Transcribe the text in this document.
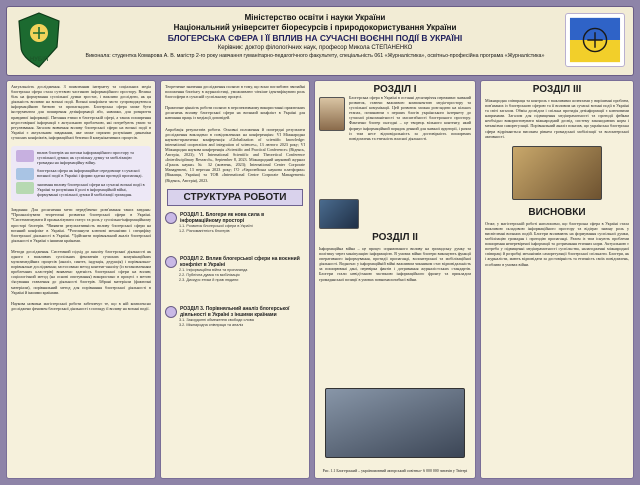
НУБІП
Міністерство освіти і науки України
Національний університет біоресурсів і природокористування України
БЛОГЕРСЬКА СФЕРА І ЇЇ ВПЛИВ НА СУЧАСНІ ВОЄННІ ПОДІЇ В УКРАЇНІ
Керівник: доктор філологічних наук, професор Микола СТЕПАНЕНКО
Виконала: студентка Комарова А. В. магістр 2-го року навчання гуманітарно-педагогічного факультету, спеціальність 061 «Журналістика», освітньо-професійна програма «Журналістика»
Актуальність дослідження. З появленням інтернету та соціальних медіа блогерська сфера стала суттєвою частиною інформаційного простору. Велика біль на формування суспільної думки зростає, і важливо дослідити, як ця діяльність впливає на воєнні події. Воєнні конфлікти часто супроводжуються інформаційною битвою та пропагандою. Блогерська сфера може бути інструментом для поширення дезінформації або, навпаки, для розкриття правдивої інформації. Питання етики в блогерській сфері, а також поширення недостовірної інформації є актуальною проблемою, які потребують уваги та регулювання. Загалом вивчення впливу блогерської сфери на воєнні події в Україні є актуальним завданням, яке може сприяти розумінню динаміки сучасних конфліктів, інформаційної безпеки й комунікативних процесів.
вплив блогерів на потоки інформаційного простору та суспільної думки; як суспільну думку та мобілізацію громадян на інформаційну війну.
блогерська сфера як інформаційне середовище з сучасної воєнної події в Україні і форми здатна протидії пропаганді.
значення впливу блогерської сфери на сучасні воєнні події в Україні та розуміння її ролі в інформаційній війні, формуванні суспільної думки й мобілізації громадян.
Завдання: Для досягнення мети передбачено розв'язання таких завдань: *Проаналізувати теоретичні розвитки блогерської сфери в Україні. *Систематизувати й проаналізувати статус та роль у суспільно-інформаційному просторі блогерів. *Виявити результативність впливу блогерської сфери на воєнний конфлікт в Україні. *Розглянути ключові механізми і специфіку блогерської діяльності в Україні. *Здійснити порівняльний аналіз блогерської діяльності в Україні з іншими країнами.
Методи дослідження. Системний підхід до аналізу блогерської діяльності як одного з важливих суспільних феноменів сучасних комунікаційних мультимедійних процесів (аналіз, синтез, індукція, дедукція) і порівняльно-порівняльне дослідження; застосовано метод контент-аналізу (із встановленням проблемних кластерів) виявлено здатність блогерської сфери на вплив; соціологічний метод (на основі опитування) використано в процесі з метою з'ясування ставлення до діяльності блогерів. Зібрані матеріали (фактичні матеріали), порівняльний метод для порівняння блогерської діяльності в Україні й іншими країнами.
Наукова новизна магістерської роботи забезпечує те, що в ній комплексно досліджено феномен блогерської діяльності з погляду її впливу на воєнні події.
Теоретичне значення дослідження полягає в тому, що воно поглиблює звичайні положення блогінгу в журналістиці, уможливлює чіткіше ідентифікувати роль блогосфери в сучасній суспільному процесі.
Практичне цінність роботи полягає в перспективному використанні практичних досягнень впливу блогерської сфери на воєнний конфлікт в Україні для навчання праць із медіації доповідей.
Апробація результатів роботи. Основні положення й попередні результати дослідження викладено в повідомленнях на конференціях: VI Міжнародна науково-практична конференція «Globalization of scientific knowledge: international cooperation and integration of sciences», 13 лютого 2023 року; VI Міжнародна наукова конференція «Scientific and Practical Conference» (Віденсь, Австрія, 2023); VI International Scientific and Theoretical Conference «Interdisciplinary Research», September 8, 2023. Міжнародний науковий журнал «Грааль науки» № 32 (жовтень, 2023); International Center Corporate Management, 13 вересня 2023 року; ГО «Європейська наукова платформа» (Вінниця, Україна) та ТОВ «International Centre Corporate Management» (Віденсь, Австрія), 2023.
СТРУКТУРА РОБОТИ
РОЗДІЛ 1. Блогери як нова сила в інформаційному просторі
1.1. Розвиток блогерської сфери в Україні
1.2. Різноманітність блогерів
РОЗДІЛ 2. Вплив блогерської сфери на воєнний конфлікт в Україні
2.1. Інформаційна війна та пропаганда
2.2. Публічна думка та мобілізація
2.3. Дискурс етики й прав людини
РОЗДІЛ 3. Порівняльний аналіз блогерської діяльності в Україні з іншими країнами
3.1. Закордонні обмеження свободи слова
3.2. Міжнародна співпраця та аналіз
РОЗДІЛ І
Блогерська сфера в Україні в останні десятиріччя переживає значний розвиток, стаючи важливою компонентою медіа-простору та суспільної комунікації. Цей розвиток можна розглядати на кількох етапах, починаючи з перших блогів українського інтернету до сучасної різноманітності та масштабності блогерського простору. Фактично блогер сьогодні – це творець вільного контенту, який формує інформаційний порядок денний для значної аудиторії, і разом із тим несе відповідальність за достовірність поширених повідомлень та етичність власної діяльності.
РОЗДІЛ ІІ
Інформаційна війна – це процес спрямованого впливу на громадську думку та політику через маніпуляцію інформацією. В умовах війни блогери виконують функції оперативного інформування, протидії пропаганді, волонтерської та мобілізаційної діяльності. Водночас у інформаційній війні важливим чинником стає відповідальність за поширювані дані, перевірка фактів і дотримання журналістських стандартів. Блогери стали невід'ємною частиною інформаційного фронту та прикладом громадянської позиції в умовах повномасштабної війни.
Рис. 1.1 Блогерський – україномовний акторський освітньо- 6 000 000 читачів у Твітері
РОЗДІЛ ІІІ
Міжнародна співпраця та контроль є важливими аспектами у вирішенні проблем, пов'язаних із блогерською сферою та її впливом на сучасні воєнні події в Україні та світі загалом. Обмін досвідом і спільна протидія дезінформації є ключовими напрямами. Загалом для підвищення медіаграмотності та протидії фейкам необхідно використовувати міжнародний досвід, систему законодавчих норм і механізми саморегуляції. Порівняльний аналіз показав, що українська блогерська сфера відрізняється високим рівнем громадської мобілізації та волонтерської активності.
ВИСНОВКИ
Отже, у магістерській роботі наголошено, що блогерська сфера в Україні стала важливою складовою інформаційного простору та відіграє значну роль у висвітленні воєнних подій. Блогери впливають на формування суспільної думки, мобілізацію громадян і протидію пропаганді. Разом із тим існують проблеми поширення неперевіреної інформації та дотримання етичних норм. Актуальною є потреба у підвищенні медіаграмотності суспільства, налагодженні міжнародної співпраці й розробці механізмів саморегуляції блогерської спільноти. Блогери, як і журналісти, мають відповідати за достовірність та етичність своїх повідомлень, особливо в умовах війни.
